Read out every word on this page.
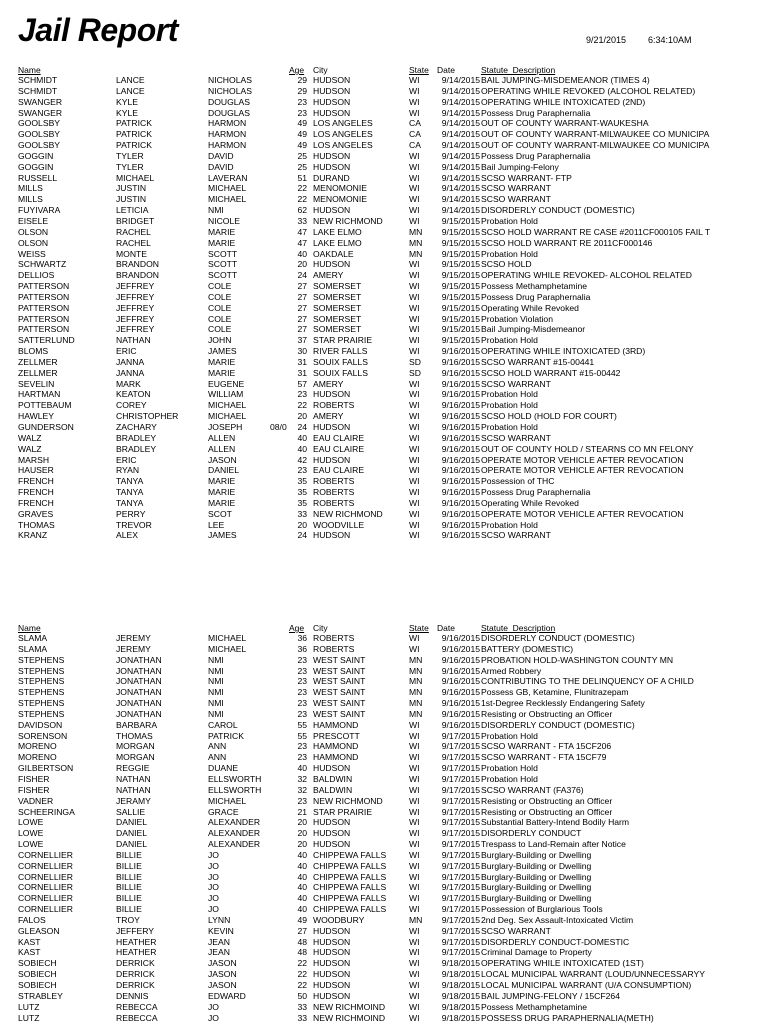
Jail Report	9/21/2015 6:34:10AM
Name	Age City	State Date	Statute_Description
SCHMIDT	LANCE	NICHOLAS	29 HUDSON	WI	9/14/2015 BAIL JUMPING-MISDEMEANOR (TIMES 4)
SCHMIDT	LANCE	NICHOLAS	29 HUDSON	WI	9/14/2015 OPERATING WHILE REVOKED (ALCOHOL RELATED)
SWANGER	KYLE	DOUGLAS	23 HUDSON	WI	9/14/2015 OPERATING WHILE INTOXICATED (2ND)
SWANGER	KYLE	DOUGLAS	23 HUDSON	WI	9/14/2015 Possess Drug Paraphernalia
GOOLSBY	PATRICK	HARMON	49 LOS ANGELES	CA	9/14/2015 OUT OF COUNTY WARRANT-WAUKESHA
GOOLSBY	PATRICK	HARMON	49 LOS ANGELES	CA	9/14/2015 OUT OF COUNTY WARRANT-MILWAUKEE CO MUNICIPA
GOOLSBY	PATRICK	HARMON	49 LOS ANGELES	CA	9/14/2015 OUT OF COUNTY WARRANT-MILWAUKEE CO MUNICIPA
GOGGIN	TYLER	DAVID	25 HUDSON	WI	9/14/2015 Possess Drug Paraphernalia
GOGGIN	TYLER	DAVID	25 HUDSON	WI	9/14/2015 Bail Jumping-Felony
RUSSELL	MICHAEL	LAVERAN	51 DURAND	WI	9/14/2015 SCSO WARRANT- FTP
MILLS	JUSTIN	MICHAEL	22 MENOMONIE	WI	9/14/2015 SCSO WARRANT
MILLS	JUSTIN	MICHAEL	22 MENOMONIE	WI	9/14/2015 SCSO WARRANT
FUYIVARA	LETICIA	NMI	62 HUDSON	WI	9/14/2015 DISORDERLY CONDUCT (DOMESTIC)
EISELE	BRIDGET	NICOLE	33 NEW RICHMOND	WI	9/15/2015 Probation Hold
OLSON	RACHEL	MARIE	47 LAKE ELMO	MN	9/15/2015 SCSO HOLD WARRANT RE CASE #2011CF000105 FAIL T
OLSON	RACHEL	MARIE	47 LAKE ELMO	MN	9/15/2015 SCSO HOLD WARRANT RE 2011CF000146
WEISS	MONTE	SCOTT	40 OAKDALE	MN	9/15/2015 Probation Hold
SCHWARTZ	BRANDON	SCOTT	20 HUDSON	WI	9/15/2015 SCSO HOLD
DELLIOS	BRANDON	SCOTT	24 AMERY	WI	9/15/2015 OPERATING WHILE REVOKED- ALCOHOL RELATED
PATTERSON	JEFFREY	COLE	27 SOMERSET	WI	9/15/2015 Possess Methamphetamine
PATTERSON	JEFFREY	COLE	27 SOMERSET	WI	9/15/2015 Possess Drug Paraphernalia
PATTERSON	JEFFREY	COLE	27 SOMERSET	WI	9/15/2015 Operating While Revoked
PATTERSON	JEFFREY	COLE	27 SOMERSET	WI	9/15/2015 Probation Violation
PATTERSON	JEFFREY	COLE	27 SOMERSET	WI	9/15/2015 Bail Jumping-Misdemeanor
SATTERLUND	NATHAN	JOHN	37 STAR PRAIRIE	WI	9/15/2015 Probation Hold
BLOMS	ERIC	JAMES	30 RIVER FALLS	WI	9/16/2015 OPERATING WHILE INTOXICATED (3RD)
ZELLMER	JANNA	MARIE	31 SOUIX FALLS	SD	9/16/2015 SCSO WARRANT #15-00441
ZELLMER	JANNA	MARIE	31 SOUIX FALLS	SD	9/16/2015 SCSO HOLD WARRANT #15-00442
SEVELIN	MARK	EUGENE	57 AMERY	WI	9/16/2015 SCSO WARRANT
HARTMAN	KEATON	WILLIAM	23 HUDSON	WI	9/16/2015 Probation Hold
POTTEBAUM	COREY	MICHAEL	22 ROBERTS	WI	9/16/2015 Probation Hold
HAWLEY	CHRISTOPHER	MICHAEL	20 AMERY	WI	9/16/2015 SCSO HOLD (HOLD FOR COURT)
GUNDERSON	ZACHARY	JOSEPH	08/0	24 HUDSON	WI	9/16/2015 Probation Hold
WALZ	BRADLEY	ALLEN	40 EAU CLAIRE	WI	9/16/2015 SCSO WARRANT
WALZ	BRADLEY	ALLEN	40 EAU CLAIRE	WI	9/16/2015 OUT OF COUNTY HOLD / STEARNS CO MN FELONY
MARSH	ERIC	JASON	42 HUDSON	WI	9/16/2015 OPERATE MOTOR VEHICLE AFTER REVOCATION
HAUSER	RYAN	DANIEL	23 EAU CLAIRE	WI	9/16/2015 OPERATE MOTOR VEHICLE AFTER REVOCATION
FRENCH	TANYA	MARIE	35 ROBERTS	WI	9/16/2015 Possession of THC
FRENCH	TANYA	MARIE	35 ROBERTS	WI	9/16/2015 Possess Drug Paraphernalia
FRENCH	TANYA	MARIE	35 ROBERTS	WI	9/16/2015 Operating While Revoked
GRAVES	PERRY	SCOT	33 NEW RICHMOND	WI	9/16/2015 OPERATE MOTOR VEHICLE AFTER REVOCATION
THOMAS	TREVOR	LEE	20 WOODVILLE	WI	9/16/2015 Probation Hold
KRANZ	ALEX	JAMES	24 HUDSON	WI	9/16/2015 SCSO WARRANT
Name	Age City	State Date	Statute_Description
SLAMA	JEREMY	MICHAEL	36 ROBERTS	WI	9/16/2015 DISORDERLY CONDUCT (DOMESTIC)
SLAMA	JEREMY	MICHAEL	36 ROBERTS	WI	9/16/2015 BATTERY (DOMESTIC)
STEPHENS	JONATHAN	NMI	23 WEST SAINT	MN	9/16/2015 PROBATION HOLD-WASHINGTON COUNTY MN
STEPHENS	JONATHAN	NMI	23 WEST SAINT	MN	9/16/2015 Armed Robbery
STEPHENS	JONATHAN	NMI	23 WEST SAINT	MN	9/16/2015 CONTRIBUTING TO THE DELINQUENCY OF A CHILD
STEPHENS	JONATHAN	NMI	23 WEST SAINT	MN	9/16/2015 Possess GB, Ketamine, Flunitrazepam
STEPHENS	JONATHAN	NMI	23 WEST SAINT	MN	9/16/2015 1st-Degree Recklessly Endangering Safety
STEPHENS	JONATHAN	NMI	23 WEST SAINT	MN	9/16/2015 Resisting or Obstructing an Officer
DAVIDSON	BARBARA	CAROL	55 HAMMOND	WI	9/16/2015 DISORDERLY CONDUCT (DOMESTIC)
SORENSON	THOMAS	PATRICK	55 PRESCOTT	WI	9/17/2015 Probation Hold
MORENO	MORGAN	ANN	23 HAMMOND	WI	9/17/2015 SCSO WARRANT - FTA 15CF206
MORENO	MORGAN	ANN	23 HAMMOND	WI	9/17/2015 SCSO WARRANT - FTA 15CF79
GILBERTSON	REGGIE	DUANE	40 HUDSON	WI	9/17/2015 Probation Hold
FISHER	NATHAN	ELLSWORTH	32 BALDWIN	WI	9/17/2015 Probation Hold
FISHER	NATHAN	ELLSWORTH	32 BALDWIN	WI	9/17/2015 SCSO WARRANT (FA376)
VADNER	JERAMY	MICHAEL	23 NEW RICHMOND	WI	9/17/2015 Resisting or Obstructing an Officer
SCHEERINGA	SALLIE	GRACE	21 STAR PRAIRIE	WI	9/17/2015 Resisting or Obstructing an Officer
LOWE	DANIEL	ALEXANDER	20 HUDSON	WI	9/17/2015 Substantial Battery-Intend Bodily Harm
LOWE	DANIEL	ALEXANDER	20 HUDSON	WI	9/17/2015 DISORDERLY CONDUCT
LOWE	DANIEL	ALEXANDER	20 HUDSON	WI	9/17/2015 Trespass to Land-Remain after Notice
CORNELLIER	BILLIE	JO	40 CHIPPEWA FALLS	WI	9/17/2015 Burglary-Building or Dwelling
CORNELLIER	BILLIE	JO	40 CHIPPEWA FALLS	WI	9/17/2015 Burglary-Building or Dwelling
CORNELLIER	BILLIE	JO	40 CHIPPEWA FALLS	WI	9/17/2015 Burglary-Building or Dwelling
CORNELLIER	BILLIE	JO	40 CHIPPEWA FALLS	WI	9/17/2015 Burglary-Building or Dwelling
CORNELLIER	BILLIE	JO	40 CHIPPEWA FALLS	WI	9/17/2015 Burglary-Building or Dwelling
CORNELLIER	BILLIE	JO	40 CHIPPEWA FALLS	WI	9/17/2015 Possession of Burglarious Tools
FALOS	TROY	LYNN	49 WOODBURY	MN	9/17/2015 2nd Deg. Sex Assault-Intoxicated Victim
GLEASON	JEFFERY	KEVIN	27 HUDSON	WI	9/17/2015 SCSO WARRANT
KAST	HEATHER	JEAN	48 HUDSON	WI	9/17/2015 DISORDERLY CONDUCT-DOMESTIC
KAST	HEATHER	JEAN	48 HUDSON	WI	9/17/2015 Criminal Damage to Property
SOBIECH	DERRICK	JASON	22 HUDSON	WI	9/18/2015 OPERATING WHILE INTOXICATED (1ST)
SOBIECH	DERRICK	JASON	22 HUDSON	WI	9/18/2015 LOCAL MUNICIPAL WARRANT (LOUD/UNNECESSARYY
SOBIECH	DERRICK	JASON	22 HUDSON	WI	9/18/2015 LOCAL MUNICIPAL WARRANT (U/A CONSUMPTION)
STRABLEY	DENNIS	EDWARD	50 HUDSON	WI	9/18/2015 BAIL JUMPING-FELONY / 15CF264
LUTZ	REBECCA	JO	33 NEW RICHMOIND	WI	9/18/2015 Possess Methamphetamine
LUTZ	REBECCA	JO	33 NEW RICHMOIND	WI	9/18/2015 POSSESS DRUG PARAPHERNALIA(METH)
